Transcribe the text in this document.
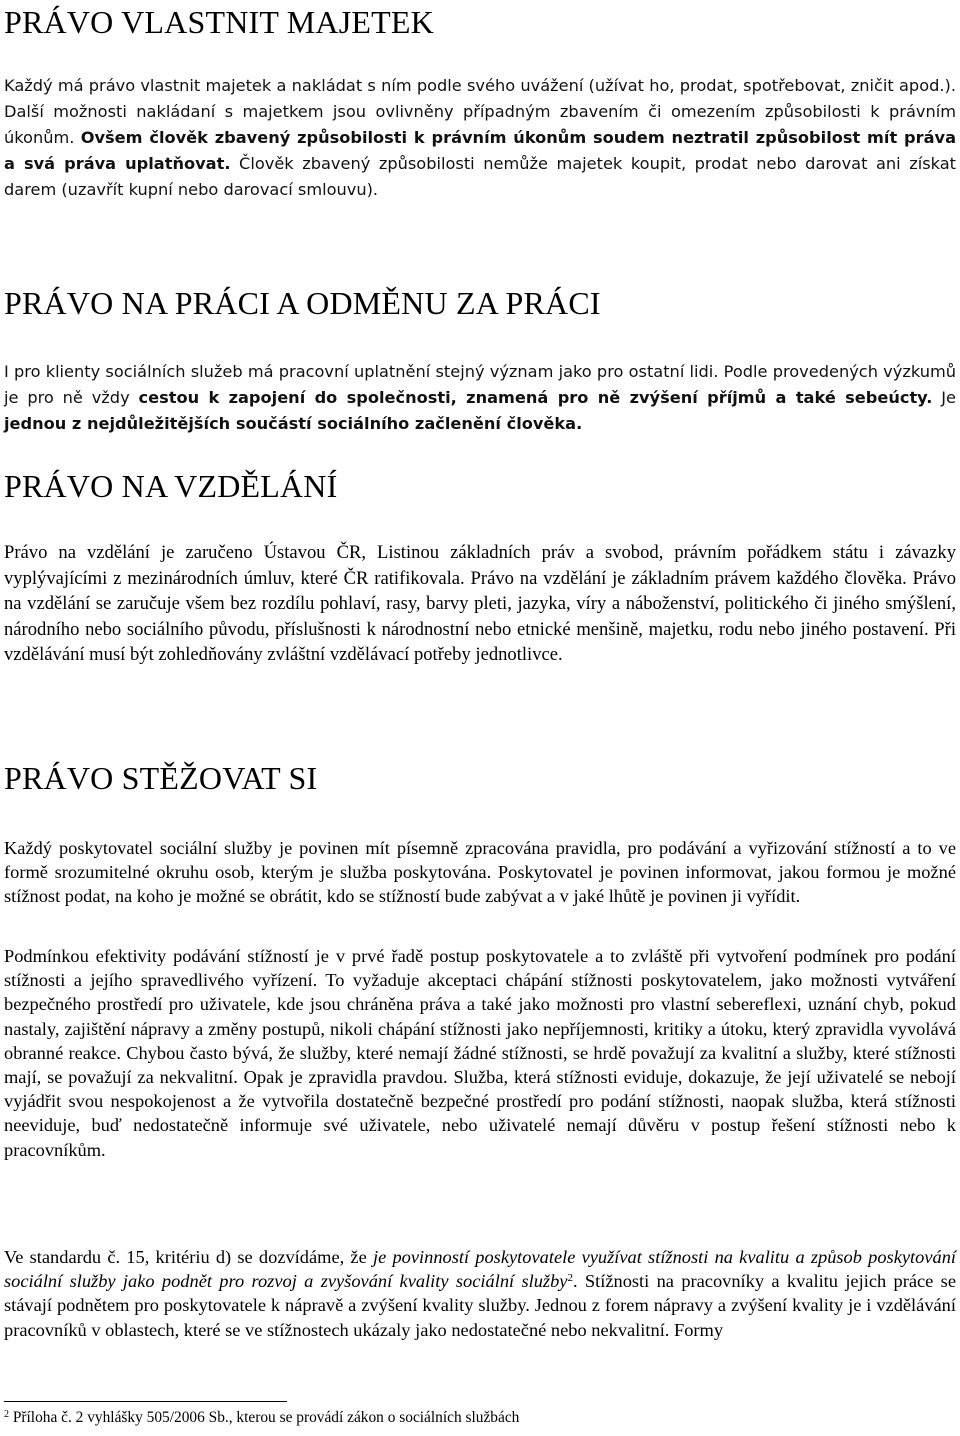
PRÁVO VLASTNIT MAJETEK

Každý má právo vlastnit majetek a nakládat s ním podle svého uvážení (užívat ho, prodat, spotřebovat, zničit apod.). Další možnosti nakládaní s majetkem jsou ovlivněny případným zbavením či omezením způsobilosti k právním úkonům. Ovšem člověk zbavený způsobilosti k právním úkonům soudem neztratil způsobilost mít práva a svá práva uplatňovat. Člověk zbavený způsobilosti nemůže majetek koupit, prodat nebo darovat ani získat darem (uzavřít kupní nebo darovací smlouvu).

PRÁVO NA PRÁCI A ODMĚNU ZA PRÁCI

I pro klienty sociálních služeb má pracovní uplatnění stejný význam jako pro ostatní lidi. Podle provedených výzkumů je pro ně vždy cestou k zapojení do společnosti, znamená pro ně zvýšení příjmů a také sebeúcty. Je jednou z nejdůležitějších součástí sociálního začlenění člověka.

PRÁVO NA VZDĚLÁNÍ

Právo na vzdělání je zaručeno Ústavou ČR, Listinou základních práv a svobod, právním pořádkem státu i závazky vyplývajícími z mezinárodních úmluv, které ČR ratifikovala. Právo na vzdělání je základním právem každého člověka. Právo na vzdělání se zaručuje všem bez rozdílu pohlaví, rasy, barvy pleti, jazyka, víry a náboženství, politického či jiného smýšlení, národního nebo sociálního původu, příslušnosti k národnostní nebo etnické menšině, majetku, rodu nebo jiného postavení. Při vzdělávání musí být zohledňovány zvláštní vzdělávací potřeby jednotlivce.

PRÁVO STĚŽOVAT SI

Každý poskytovatel sociální služby je povinen mít písemně zpracována pravidla, pro podávání a vyřizování stížností a to ve formě srozumitelné okruhu osob, kterým je služba poskytována. Poskytovatel je povinen informovat, jakou formou je možné stížnost podat, na koho je možné se obrátit, kdo se stížností bude zabývat a v jaké lhůtě je povinen ji vyřídit.

Podmínkou efektivity podávání stížností je v prvé řadě postup poskytovatele a to zvláště při vytvoření podmínek pro podání stížnosti a jejího spravedlivého vyřízení. To vyžaduje akceptaci chápání stížnosti poskytovatelem, jako možnosti vytváření bezpečného prostředí pro uživatele, kde jsou chráněna práva a také jako možnosti pro vlastní sebereflexi, uznání chyb, pokud nastaly, zajištění nápravy a změny postupů, nikoli chápání stížnosti jako nepříjemnosti, kritiky a útoku, který zpravidla vyvolává obranné reakce. Chybou často bývá, že služby, které nemají žádné stížnosti, se hrdě považují za kvalitní a služby, které stížnosti mají, se považují za nekvalitní. Opak je zpravidla pravdou. Služba, která stížnosti eviduje, dokazuje, že její uživatelé se nebojí vyjádřit svou nespokojenost a že vytvořila dostatečně bezpečné prostředí pro podání stížnosti, naopak služba, která stížnosti neeviduje, buď nedostatečně informuje své uživatele, nebo uživatelé nemají důvěru v postup řešení stížnosti nebo k pracovníkům.

Ve standardu č. 15, kritériu d) se dozvídáme, že je povinností poskytovatele využívat stížnosti na kvalitu a způsob poskytování sociální služby jako podnět pro rozvoj a zvyšování kvality sociální služby$^2$. Stížnosti na pracovníky a kvalitu jejich práce se stávají podnětem pro poskytovatele k nápravě a zvýšení kvality služby. Jednou z forem nápravy a zvýšení kvality je i vzdělávání pracovníků v oblastech, které se ve stížnostech ukázaly jako nedostatečné nebo nekvalitní. Formy

$^2$ Příloha č. 2 vyhlášky 505/2006 Sb., kterou se provádí zákon o sociálních službách
